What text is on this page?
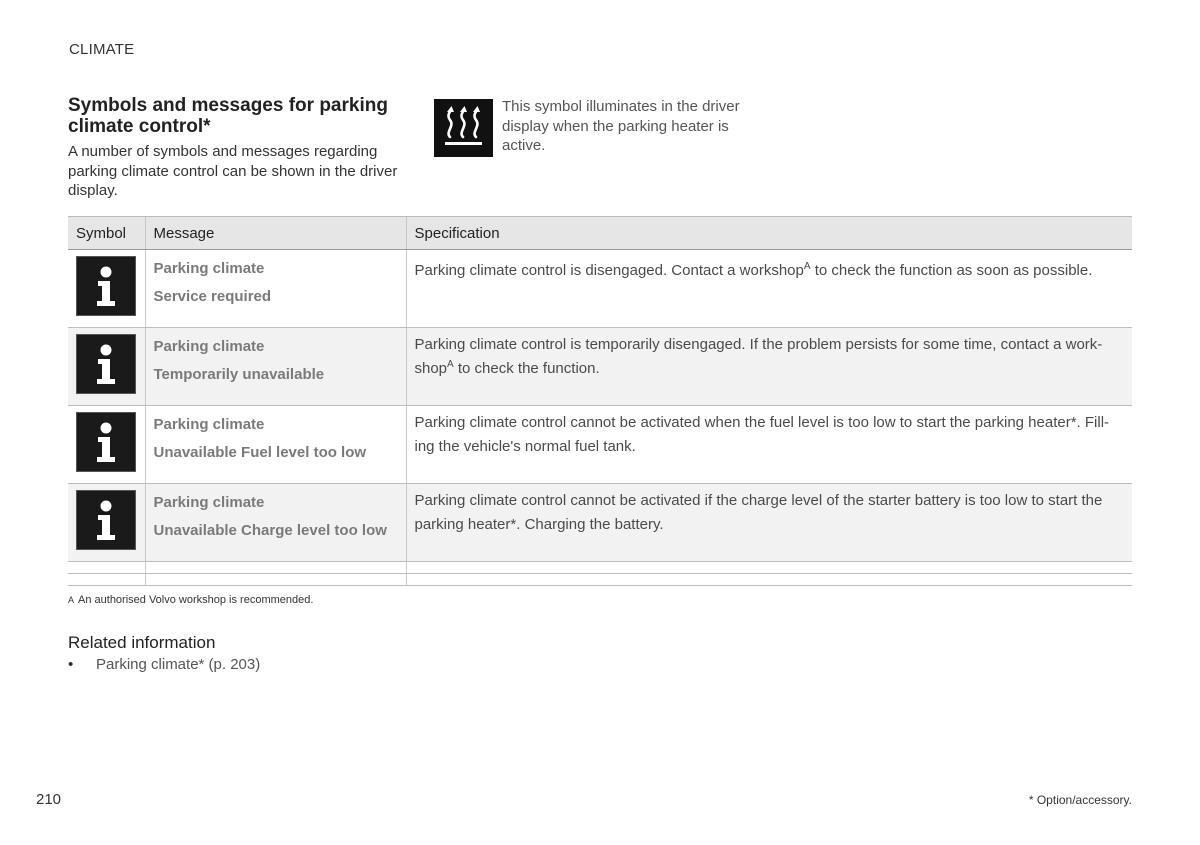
CLIMATE
Symbols and messages for parking climate control*
A number of symbols and messages regarding parking climate control can be shown in the driver display.
This symbol illuminates in the driver display when the parking heater is active.
Symbol	Message	Specification

Parking climate
Service required	Parking climate control is disengaged. Contact a workshop$^A$ to check the function as soon as possible.

Parking climate
Temporarily unavailable	Parking climate control is temporarily disengaged. If the problem persists for some time, contact a workshop$^A$ to check the function.

Parking climate
Unavailable Fuel level too low	Parking climate control cannot be activated when the fuel level is too low to start the parking heater*. Filling the vehicle's normal fuel tank.

Parking climate
Unavailable Charge level too low	Parking climate control cannot be activated if the charge level of the starter battery is too low to start the parking heater*. Charging the battery.

A An authorised Volvo workshop is recommended.
Related information
• Parking climate* (p. 203)
210	* Option/accessory.
